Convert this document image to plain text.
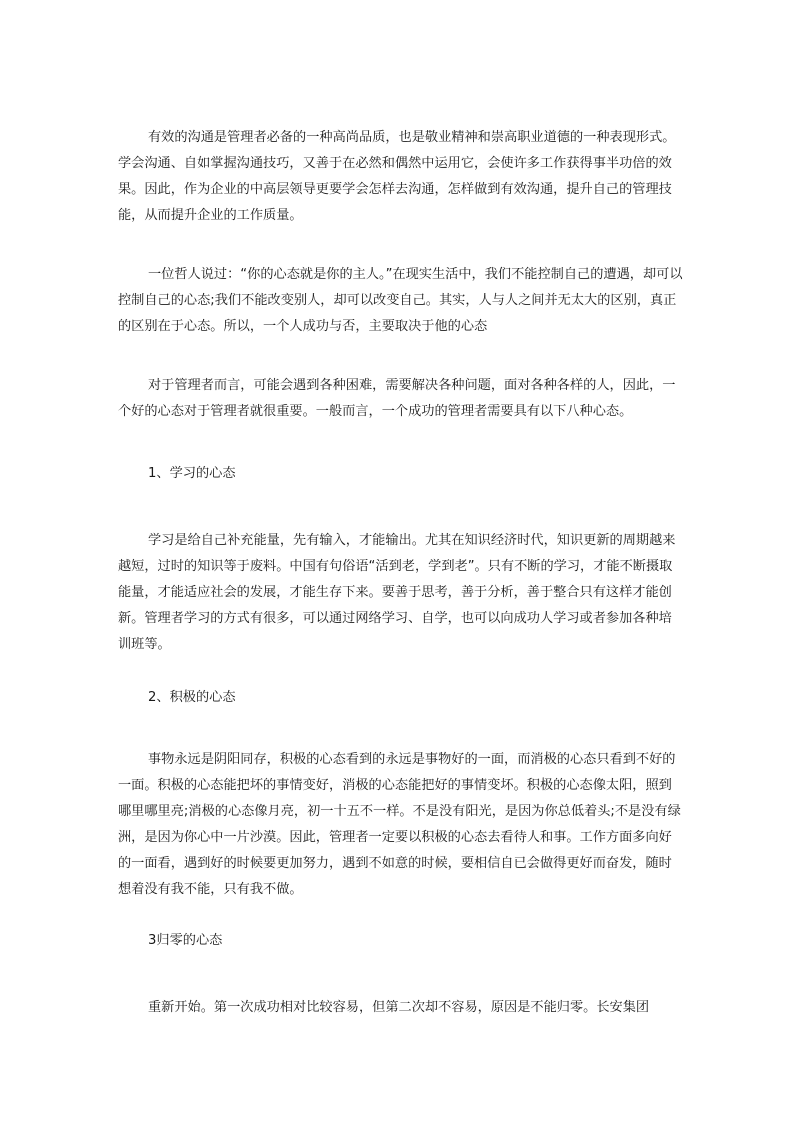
有效的沟通是管理者必备的一种高尚品质，也是敬业精神和崇高职业道德的一种表现形式。学会沟通、自如掌握沟通技巧，又善于在必然和偶然中运用它，会使许多工作获得事半功倍的效果。因此，作为企业的中高层领导更要学会怎样去沟通，怎样做到有效沟通，提升自己的管理技能，从而提升企业的工作质量。

一位哲人说过：“你的心态就是你的主人。”在现实生活中，我们不能控制自己的遭遇，却可以控制自己的心态;我们不能改变别人，却可以改变自己。其实，人与人之间并无太大的区别，真正的区别在于心态。所以，一个人成功与否，主要取决于他的心态

对于管理者而言，可能会遇到各种困难，需要解决各种问题，面对各种各样的人，因此，一个好的心态对于管理者就很重要。一般而言，一个成功的管理者需要具有以下八种心态。

1、学习的心态

学习是给自己补充能量，先有输入，才能输出。尤其在知识经济时代，知识更新的周期越来越短，过时的知识等于废料。中国有句俗语“活到老，学到老”。只有不断的学习，才能不断摄取能量，才能适应社会的发展，才能生存下来。要善于思考，善于分析，善于整合只有这样才能创新。管理者学习的方式有很多，可以通过网络学习、自学，也可以向成功人学习或者参加各种培训班等。

2、积极的心态

事物永远是阴阳同存，积极的心态看到的永远是事物好的一面，而消极的心态只看到不好的一面。积极的心态能把坏的事情变好，消极的心态能把好的事情变坏。积极的心态像太阳，照到哪里哪里亮;消极的心态像月亮，初一十五不一样。不是没有阳光，是因为你总低着头;不是没有绿洲，是因为你心中一片沙漠。因此，管理者一定要以积极的心态去看待人和事。工作方面多向好的一面看，遇到好的时候要更加努力，遇到不如意的时候，要相信自已会做得更好而奋发，随时想着没有我不能，只有我不做。

3归零的心态

重新开始。第一次成功相对比较容易，但第二次却不容易，原因是不能归零。长安集团
